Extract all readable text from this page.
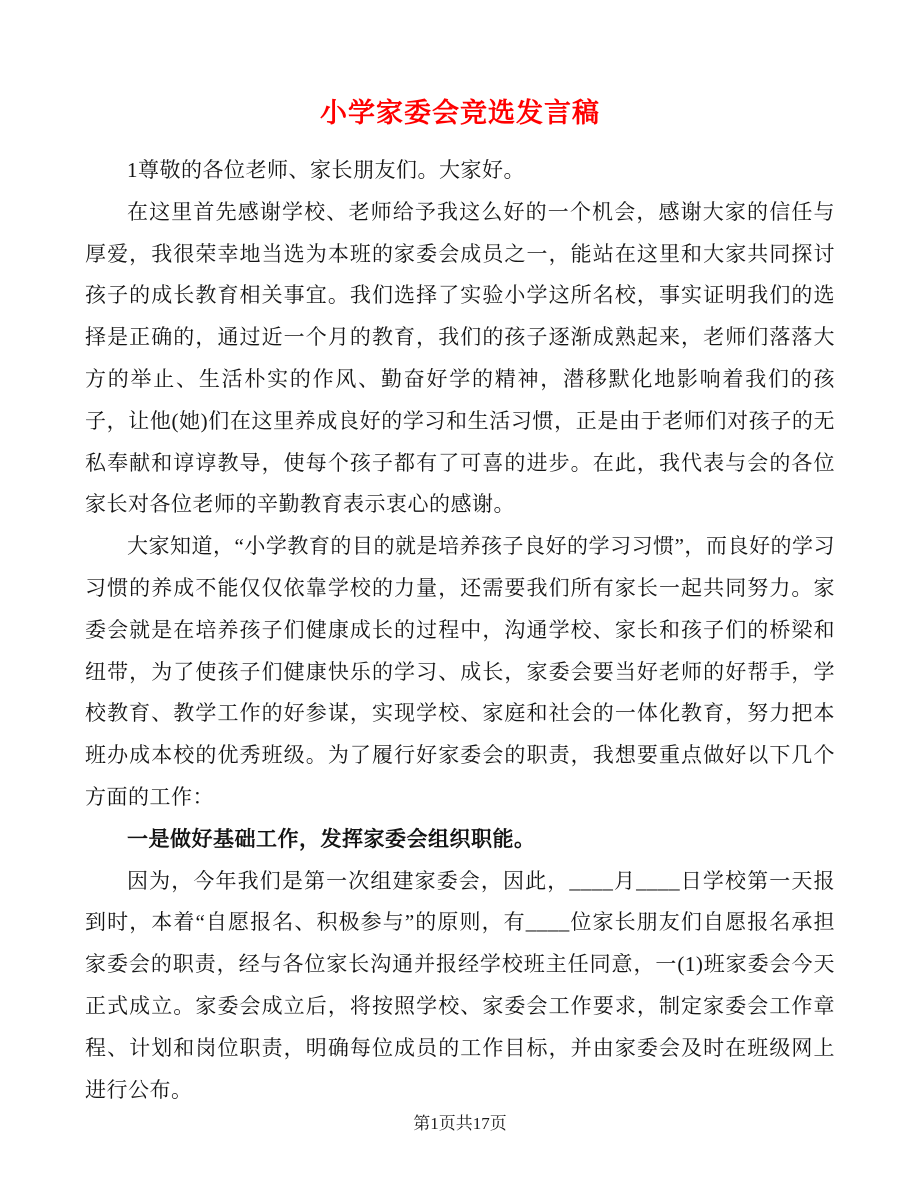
小学家委会竞选发言稿

1尊敬的各位老师、家长朋友们。大家好。

在这里首先感谢学校、老师给予我这么好的一个机会，感谢大家的信任与厚爱，我很荣幸地当选为本班的家委会成员之一，能站在这里和大家共同探讨孩子的成长教育相关事宜。我们选择了实验小学这所名校，事实证明我们的选择是正确的，通过近一个月的教育，我们的孩子逐渐成熟起来，老师们落落大方的举止、生活朴实的作风、勤奋好学的精神，潜移默化地影响着我们的孩子，让他(她)们在这里养成良好的学习和生活习惯，正是由于老师们对孩子的无私奉献和谆谆教导，使每个孩子都有了可喜的进步。在此，我代表与会的各位家长对各位老师的辛勤教育表示衷心的感谢。

大家知道，“小学教育的目的就是培养孩子良好的学习习惯”，而良好的学习习惯的养成不能仅仅依靠学校的力量，还需要我们所有家长一起共同努力。家委会就是在培养孩子们健康成长的过程中，沟通学校、家长和孩子们的桥梁和纽带，为了使孩子们健康快乐的学习、成长，家委会要当好老师的好帮手，学校教育、教学工作的好参谋，实现学校、家庭和社会的一体化教育，努力把本班办成本校的优秀班级。为了履行好家委会的职责，我想要重点做好以下几个方面的工作：

一是做好基础工作，发挥家委会组织职能。

因为，今年我们是第一次组建家委会，因此，____月____日学校第一天报到时，本着“自愿报名、积极参与”的原则，有____位家长朋友们自愿报名承担家委会的职责，经与各位家长沟通并报经学校班主任同意，一(1)班家委会今天正式成立。家委会成立后，将按照学校、家委会工作要求，制定家委会工作章程、计划和岗位职责，明确每位成员的工作目标，并由家委会及时在班级网上进行公布。

第1页共17页
